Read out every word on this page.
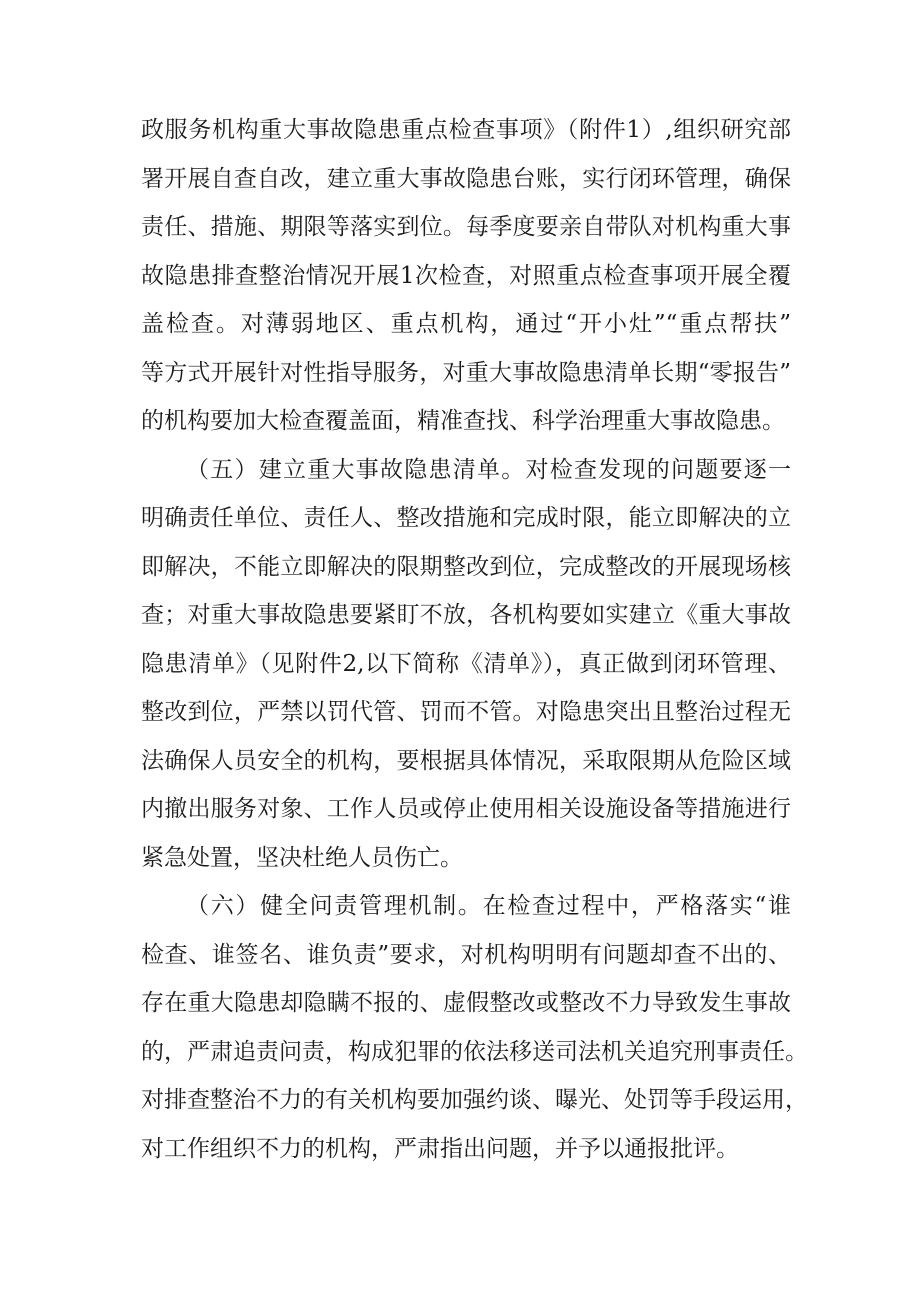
政服务机构重大事故隐患重点检查事项》（附件1）,组织研究部
署开展自查自改，建立重大事故隐患台账，实行闭环管理，确保
责任、措施、期限等落实到位。每季度要亲自带队对机构重大事
故隐患排查整治情况开展1次检查，对照重点检查事项开展全覆
盖检查。对薄弱地区、重点机构，通过“开小灶”“重点帮扶”
等方式开展针对性指导服务，对重大事故隐患清单长期“零报告”
的机构要加大检查覆盖面，精准查找、科学治理重大事故隐患。
（五）建立重大事故隐患清单。对检查发现的问题要逐一
明确责任单位、责任人、整改措施和完成时限，能立即解决的立
即解决，不能立即解决的限期整改到位，完成整改的开展现场核
查；对重大事故隐患要紧盯不放，各机构要如实建立《重大事故
隐患清单》（见附件2,以下简称《清单》），真正做到闭环管理、
整改到位，严禁以罚代管、罚而不管。对隐患突出且整治过程无
法确保人员安全的机构，要根据具体情况，采取限期从危险区域
内撤出服务对象、工作人员或停止使用相关设施设备等措施进行
紧急处置，坚决杜绝人员伤亡。
（六）健全问责管理机制。在检查过程中，严格落实“谁
检查、谁签名、谁负责”要求，对机构明明有问题却查不出的、
存在重大隐患却隐瞒不报的、虚假整改或整改不力导致发生事故
的，严肃追责问责，构成犯罪的依法移送司法机关追究刑事责任。
对排查整治不力的有关机构要加强约谈、曝光、处罚等手段运用，
对工作组织不力的机构，严肃指出问题，并予以通报批评。
